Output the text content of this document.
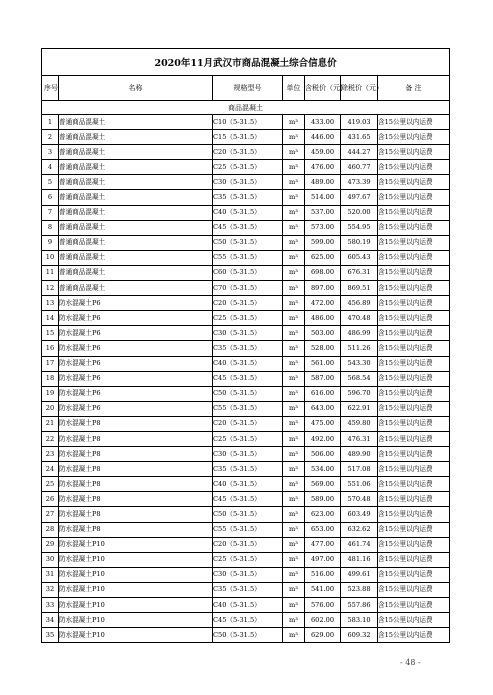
2020年11月武汉市商品混凝土综合信息价						
序号	名称	规格型号	单位	含税价（元）	除税价（元）	备 注
商品混凝土						
1	普通商品混凝土	C10（5-31.5）	m³	433.00	419.03	含15公里以内运费
2	普通商品混凝土	C15（5-31.5）	m³	446.00	431.65	含15公里以内运费
3	普通商品混凝土	C20（5-31.5）	m³	459.00	444.27	含15公里以内运费
4	普通商品混凝土	C25（5-31.5）	m³	476.00	460.77	含15公里以内运费
5	普通商品混凝土	C30（5-31.5）	m³	489.00	473.39	含15公里以内运费
6	普通商品混凝土	C35（5-31.5）	m³	514.00	497.67	含15公里以内运费
7	普通商品混凝土	C40（5-31.5）	m³	537.00	520.00	含15公里以内运费
8	普通商品混凝土	C45（5-31.5）	m³	573.00	554.95	含15公里以内运费
9	普通商品混凝土	C50（5-31.5）	m³	599.00	580.19	含15公里以内运费
10	普通商品混凝土	C55（5-31.5）	m³	625.00	605.43	含15公里以内运费
11	普通商品混凝土	C60（5-31.5）	m³	698.00	676.31	含15公里以内运费
12	普通商品混凝土	C70（5-31.5）	m³	897.00	869.51	含15公里以内运费
13	防水混凝土P6	C20（5-31.5）	m³	472.00	456.89	含15公里以内运费
14	防水混凝土P6	C25（5-31.5）	m³	486.00	470.48	含15公里以内运费
15	防水混凝土P6	C30（5-31.5）	m³	503.00	486.99	含15公里以内运费
16	防水混凝土P6	C35（5-31.5）	m³	528.00	511.26	含15公里以内运费
17	防水混凝土P6	C40（5-31.5）	m³	561.00	543.30	含15公里以内运费
18	防水混凝土P6	C45（5-31.5）	m³	587.00	568.54	含15公里以内运费
19	防水混凝土P6	C50（5-31.5）	m³	616.00	596.70	含15公里以内运费
20	防水混凝土P6	C55（5-31.5）	m³	643.00	622.91	含15公里以内运费
21	防水混凝土P8	C20（5-31.5）	m³	475.00	459.80	含15公里以内运费
22	防水混凝土P8	C25（5-31.5）	m³	492.00	476.31	含15公里以内运费
23	防水混凝土P8	C30（5-31.5）	m³	506.00	489.90	含15公里以内运费
24	防水混凝土P8	C35（5-31.5）	m³	534.00	517.08	含15公里以内运费
25	防水混凝土P8	C40（5-31.5）	m³	569.00	551.06	含15公里以内运费
26	防水混凝土P8	C45（5-31.5）	m³	589.00	570.48	含15公里以内运费
27	防水混凝土P8	C50（5-31.5）	m³	623.00	603.49	含15公里以内运费
28	防水混凝土P8	C55（5-31.5）	m³	653.00	632.62	含15公里以内运费
29	防水混凝土P10	C20（5-31.5）	m³	477.00	461.74	含15公里以内运费
30	防水混凝土P10	C25（5-31.5）	m³	497.00	481.16	含15公里以内运费
31	防水混凝土P10	C30（5-31.5）	m³	516.00	499.61	含15公里以内运费
32	防水混凝土P10	C35（5-31.5）	m³	541.00	523.88	含15公里以内运费
33	防水混凝土P10	C40（5-31.5）	m³	576.00	557.86	含15公里以内运费
34	防水混凝土P10	C45（5-31.5）	m³	602.00	583.10	含15公里以内运费
35	防水混凝土P10	C50（5-31.5）	m³	629.00	609.32	含15公里以内运费
- 48 -
